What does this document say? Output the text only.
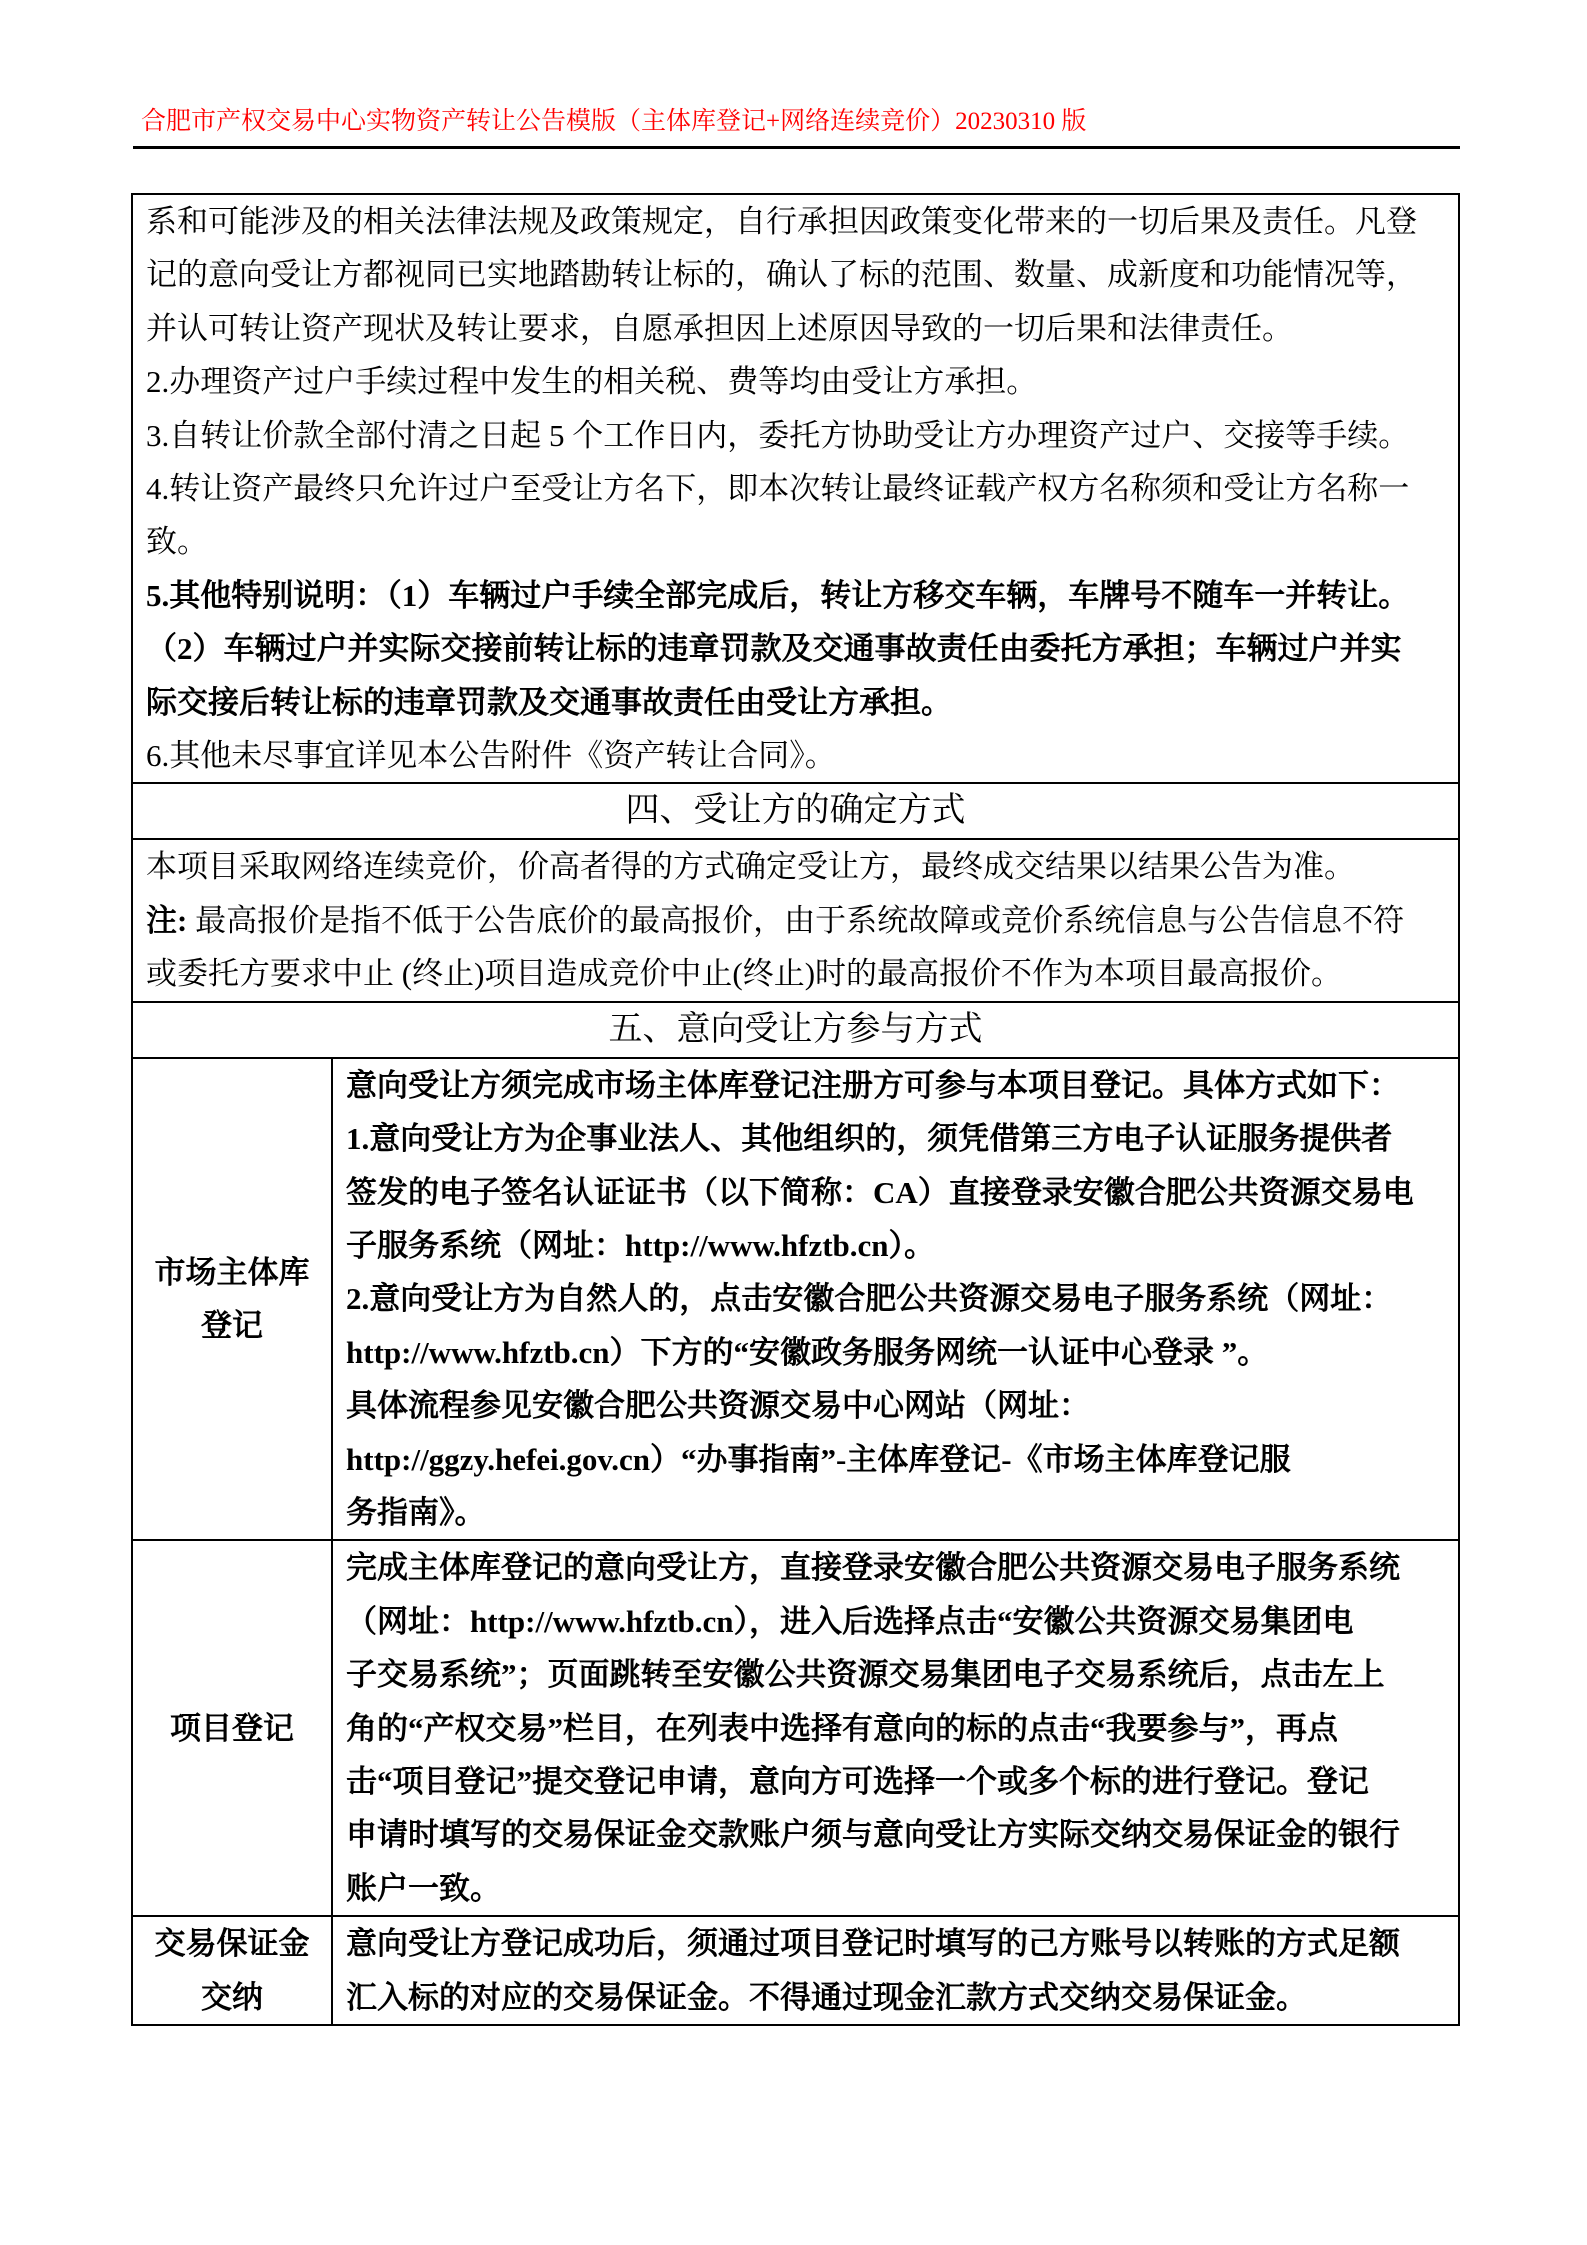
合肥市产权交易中心实物资产转让公告模版（主体库登记+网络连续竞价）20230310 版
系和可能涉及的相关法律法规及政策规定，自行承担因政策变化带来的一切后果及责任。凡登
记的意向受让方都视同已实地踏勘转让标的，确认了标的范围、数量、成新度和功能情况等，
并认可转让资产现状及转让要求，自愿承担因上述原因导致的一切后果和法律责任。
2.办理资产过户手续过程中发生的相关税、费等均由受让方承担。
3.自转让价款全部付清之日起 5 个工作日内，委托方协助受让方办理资产过户、交接等手续。
4.转让资产最终只允许过户至受让方名下，即本次转让最终证载产权方名称须和受让方名称一
致。
5.其他特别说明：（1）车辆过户手续全部完成后，转让方移交车辆，车牌号不随车一并转让。
（2）车辆过户并实际交接前转让标的违章罚款及交通事故责任由委托方承担；车辆过户并实
际交接后转让标的违章罚款及交通事故责任由受让方承担。
6.其他未尽事宜详见本公告附件《资产转让合同》。
四、受让方的确定方式
本项目采取网络连续竞价，价高者得的方式确定受让方，最终成交结果以结果公告为准。
注: 最高报价是指不低于公告底价的最高报价，由于系统故障或竞价系统信息与公告信息不符
或委托方要求中止 (终止)项目造成竞价中止(终止)时的最高报价不作为本项目最高报价。
五、意向受让方参与方式
市场主体库
登记
意向受让方须完成市场主体库登记注册方可参与本项目登记。具体方式如下：
1.意向受让方为企事业法人、其他组织的，须凭借第三方电子认证服务提供者
签发的电子签名认证证书（以下简称：CA）直接登录安徽合肥公共资源交易电
子服务系统（网址：http://www.hfztb.cn）。
2.意向受让方为自然人的，点击安徽合肥公共资源交易电子服务系统（网址：
http://www.hfztb.cn）下方的“安徽政务服务网统一认证中心登录 ”。
具体流程参见安徽合肥公共资源交易中心网站（网址：
http://ggzy.hefei.gov.cn）“办事指南”-主体库登记-《市场主体库登记服
务指南》。
项目登记
完成主体库登记的意向受让方，直接登录安徽合肥公共资源交易电子服务系统
（网址：http://www.hfztb.cn），进入后选择点击“安徽公共资源交易集团电
子交易系统”；页面跳转至安徽公共资源交易集团电子交易系统后，点击左上
角的“产权交易”栏目，在列表中选择有意向的标的点击“我要参与”，再点
击“项目登记”提交登记申请，意向方可选择一个或多个标的进行登记。登记
申请时填写的交易保证金交款账户须与意向受让方实际交纳交易保证金的银行
账户一致。
交易保证金
交纳
意向受让方登记成功后，须通过项目登记时填写的己方账号以转账的方式足额
汇入标的对应的交易保证金。不得通过现金汇款方式交纳交易保证金。
